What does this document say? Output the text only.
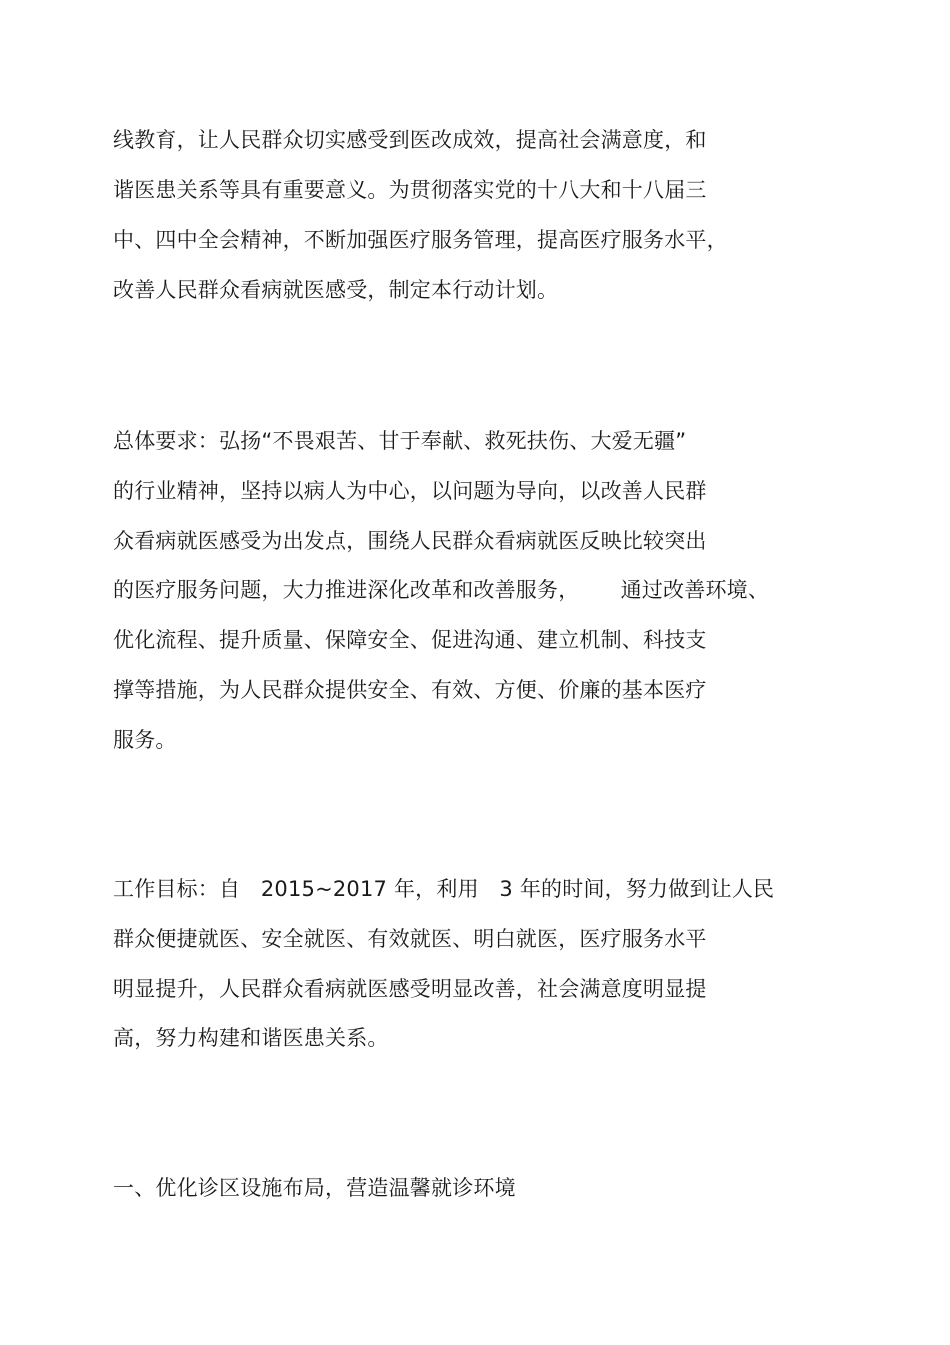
线教育，让人民群众切实感受到医改成效，提高社会满意度，和
谐医患关系等具有重要意义。为贯彻落实党的十八大和十八届三
中、四中全会精神，不断加强医疗服务管理，提高医疗服务水平，
改善人民群众看病就医感受，制定本行动计划。
总体要求：弘扬“不畏艰苦、甘于奉献、救死扶伤、大爱无疆”
的行业精神，坚持以病人为中心，以问题为导向，以改善人民群
众看病就医感受为出发点，围绕人民群众看病就医反映比较突出
的医疗服务问题，大力推进深化改革和改善服务，      通过改善环境、
优化流程、提升质量、保障安全、促进沟通、建立机制、科技支
撑等措施，为人民群众提供安全、有效、方便、价廉的基本医疗
服务。
工作目标：自   2015~2017 年，利用   3 年的时间，努力做到让人民
群众便捷就医、安全就医、有效就医、明白就医，医疗服务水平
明显提升，人民群众看病就医感受明显改善，社会满意度明显提
高，努力构建和谐医患关系。
一、优化诊区设施布局，营造温馨就诊环境
